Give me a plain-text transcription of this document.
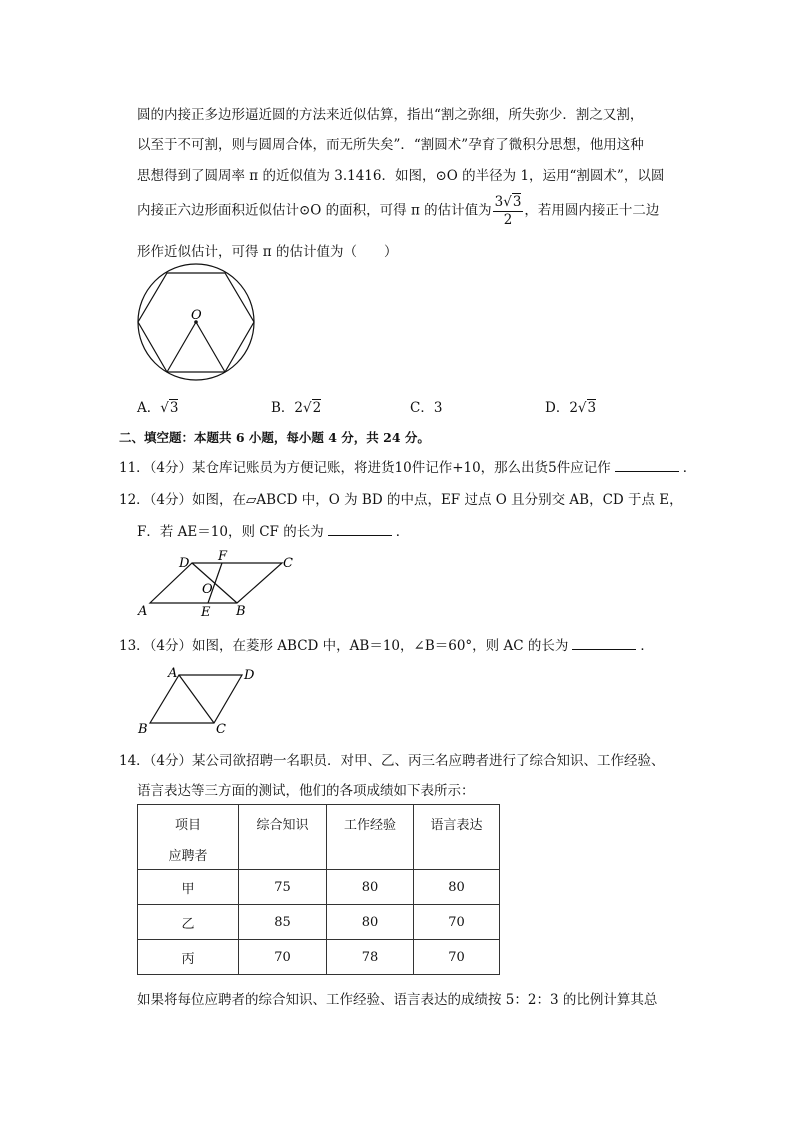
圆的内接正多边形逼近圆的方法来近似估算，指出“割之弥细，所失弥少．割之又割，
以至于不可割，则与圆周合体，而无所失矣”．“割圆术”孕育了微积分思想，他用这种
思想得到了圆周率 π 的近似值为 3.1416．如图，⊙O 的半径为 1，运用“割圆术”，以圆
内接正六边形面积近似估计⊙O 的面积，可得 π 的估计值为 $\frac{3√3}{2}$ ，若用圆内接正十二边
形作近似估计，可得 π 的估计值为（　　）
O
A．√3	B．2√2	C．3	D．2√3
二、填空题：本题共 6 小题，每小题 4 分，共 24 分。
11．（4分）某仓库记账员为方便记账，将进货10件记作+10，那么出货5件应记作	．
12．（4分）如图，在▱ABCD 中，O 为 BD 的中点，EF 过点 O 且分别交 AB，CD 于点 E，
F．若 AE＝10，则 CF 的长为	．
A	B
C
D
E
F
O
13．（4分）如图，在菱形 ABCD 中，AB＝10，∠B＝60°，则 AC 的长为	．
B	C
D
A
14．（4分）某公司欲招聘一名职员．对甲、乙、丙三名应聘者进行了综合知识、工作经验、
语言表达等三方面的测试，他们的各项成绩如下表所示：
项目
应聘者	综合知识	工作经验	语言表达
甲	75	80	80
乙	85	80	70
丙	70	78	70
如果将每位应聘者的综合知识、工作经验、语言表达的成绩按 5：2：3 的比例计算其总
